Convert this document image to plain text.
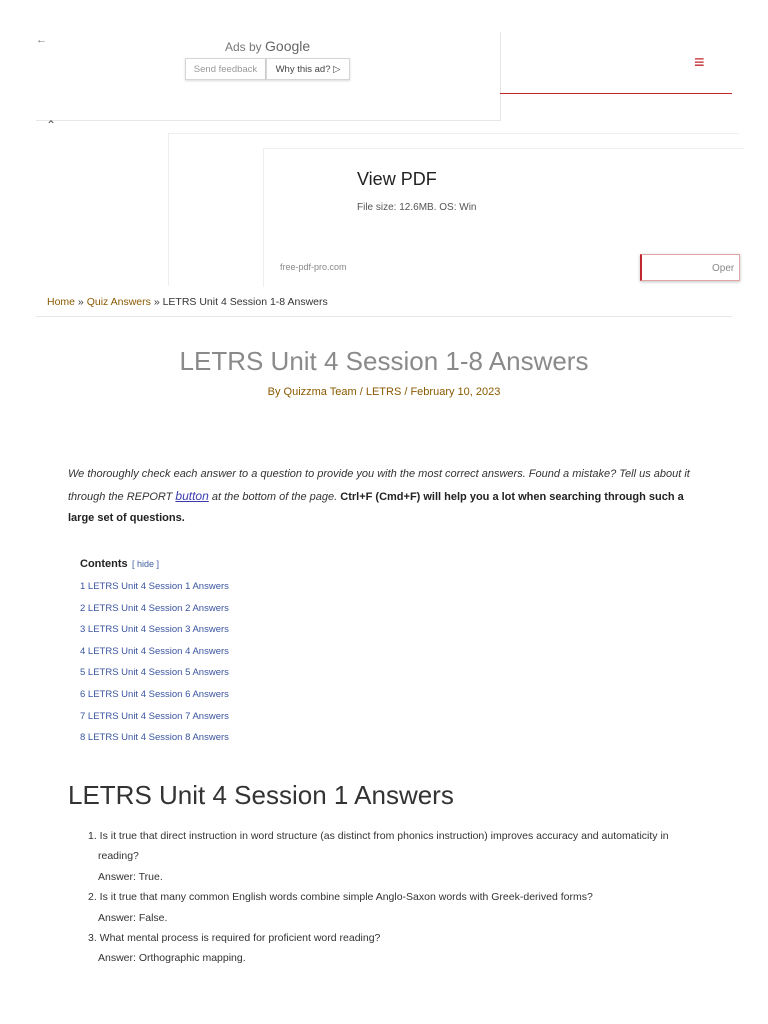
←	Ads by Google
Send feedback	Why this ad? ▷	≡
⌃
View PDF
File size: 12.6MB. OS: Win
free-pdf-pro.com	Oper
Home » Quiz Answers » LETRS Unit 4 Session 1-8 Answers
LETRS Unit 4 Session 1-8 Answers
By Quizzma Team / LETRS / February 10, 2023

We thoroughly check each answer to a question to provide you with the most correct answers. Found a mistake? Tell us about it through the REPORT button at the bottom of the page. Ctrl+F (Cmd+F) will help you a lot when searching through such a large set of questions.

Contents [ hide ]
1 LETRS Unit 4 Session 1 Answers
2 LETRS Unit 4 Session 2 Answers
3 LETRS Unit 4 Session 3 Answers
4 LETRS Unit 4 Session 4 Answers
5 LETRS Unit 4 Session 5 Answers
6 LETRS Unit 4 Session 6 Answers
7 LETRS Unit 4 Session 7 Answers
8 LETRS Unit 4 Session 8 Answers
LETRS Unit 4 Session 1 Answers
1. Is it true that direct instruction in word structure (as distinct from phonics instruction) improves accuracy and automaticity in reading?
Answer: True.
2. Is it true that many common English words combine simple Anglo-Saxon words with Greek-derived forms?
Answer: False.
3. What mental process is required for proficient word reading?
Answer: Orthographic mapping.
